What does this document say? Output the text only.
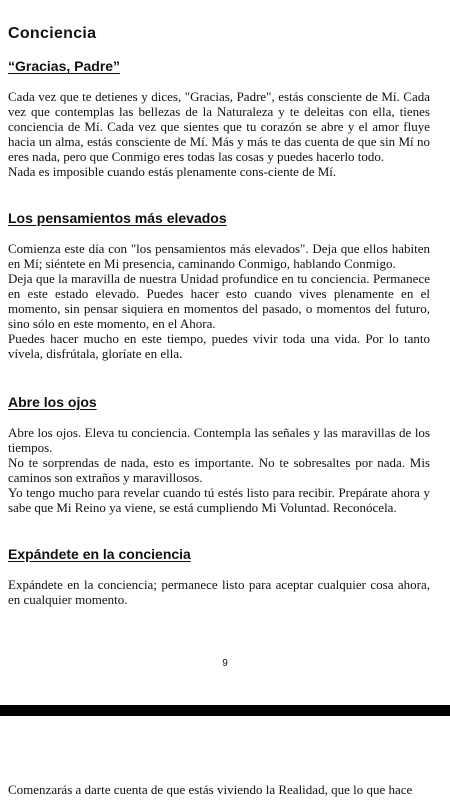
Conciencia
“Gracias, Padre”

Cada vez que te detienes y dices, "Gracias, Padre", estás consciente de Mí. Cada vez que contemplas las bellezas de la Naturaleza y te deleitas con ella, tienes conciencia de Mí. Cada vez que sientes que tu corazón se abre y el amor fluye hacia un alma, estás consciente de Mí. Más y más te das cuenta de que sin Mí no eres nada, pero que Conmigo eres todas las cosas y puedes hacerlo todo.

Nada es imposible cuando estás plenamente cons-ciente de Mí.

Los pensamientos más elevados

Comienza este día con "los pensamientos más elevados". Deja que ellos habiten en Mí; siéntete en Mi presencia, caminando Conmigo, hablando Conmigo.

Deja que la maravilla de nuestra Unidad profundice en tu conciencia. Permanece en este estado elevado. Puedes hacer esto cuando vives plenamente en el momento, sin pensar siquiera en momentos del pasado, o momentos del futuro, sino sólo en este momento, en el Ahora.

Puedes hacer mucho en este tiempo, puedes vivir toda una vida. Por lo tanto vívela, disfrútala, gloríate en ella.

Abre los ojos

Abre los ojos. Eleva tu conciencia. Contempla las señales y las maravillas de los tiempos.

No te sorprendas de nada, esto es importante. No te sobresaltes por nada. Mis caminos son extraños y maravillosos.

Yo tengo mucho para revelar cuando tú estés listo para recibir. Prepárate ahora y sabe que Mi Reino ya viene, se está cumpliendo Mi Voluntad. Reconócela.

Expándete en la conciencia

Expándete en la conciencia; permanece listo para aceptar cualquier cosa ahora, en cualquier momento.

9

Comenzarás a darte cuenta de que estás viviendo la Realidad, que lo que hace
